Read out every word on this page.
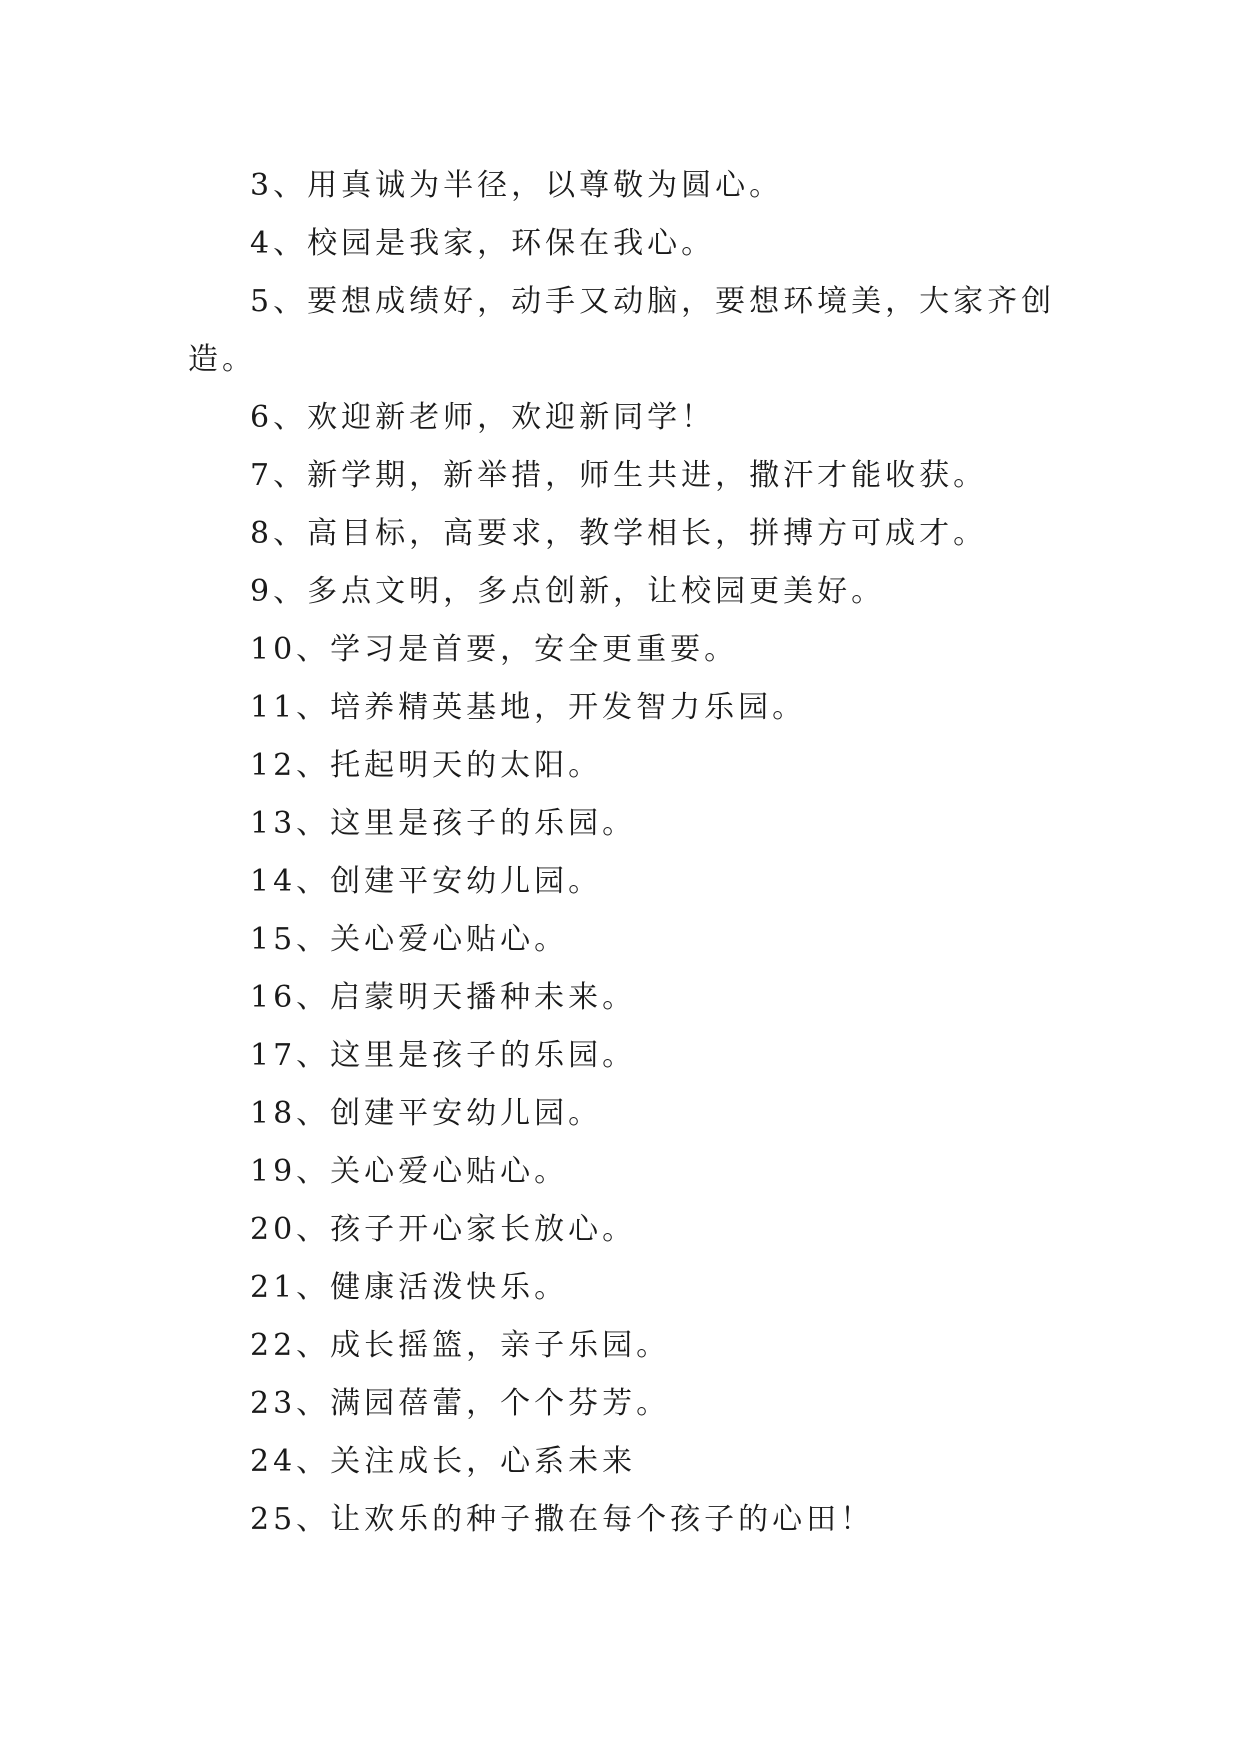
3、用真诚为半径，以尊敬为圆心。

4、校园是我家，环保在我心。

5、要想成绩好，动手又动脑，要想环境美，大家齐创造。

6、欢迎新老师，欢迎新同学！

7、新学期，新举措，师生共进，撒汗才能收获。

8、高目标，高要求，教学相长，拼搏方可成才。

9、多点文明，多点创新，让校园更美好。

10、学习是首要，安全更重要。

11、培养精英基地，开发智力乐园。

12、托起明天的太阳。

13、这里是孩子的乐园。

14、创建平安幼儿园。

15、关心爱心贴心。

16、启蒙明天播种未来。

17、这里是孩子的乐园。

18、创建平安幼儿园。

19、关心爱心贴心。

20、孩子开心家长放心。

21、健康活泼快乐。

22、成长摇篮，亲子乐园。

23、满园蓓蕾，个个芬芳。

24、关注成长，心系未来

25、让欢乐的种子撒在每个孩子的心田！
